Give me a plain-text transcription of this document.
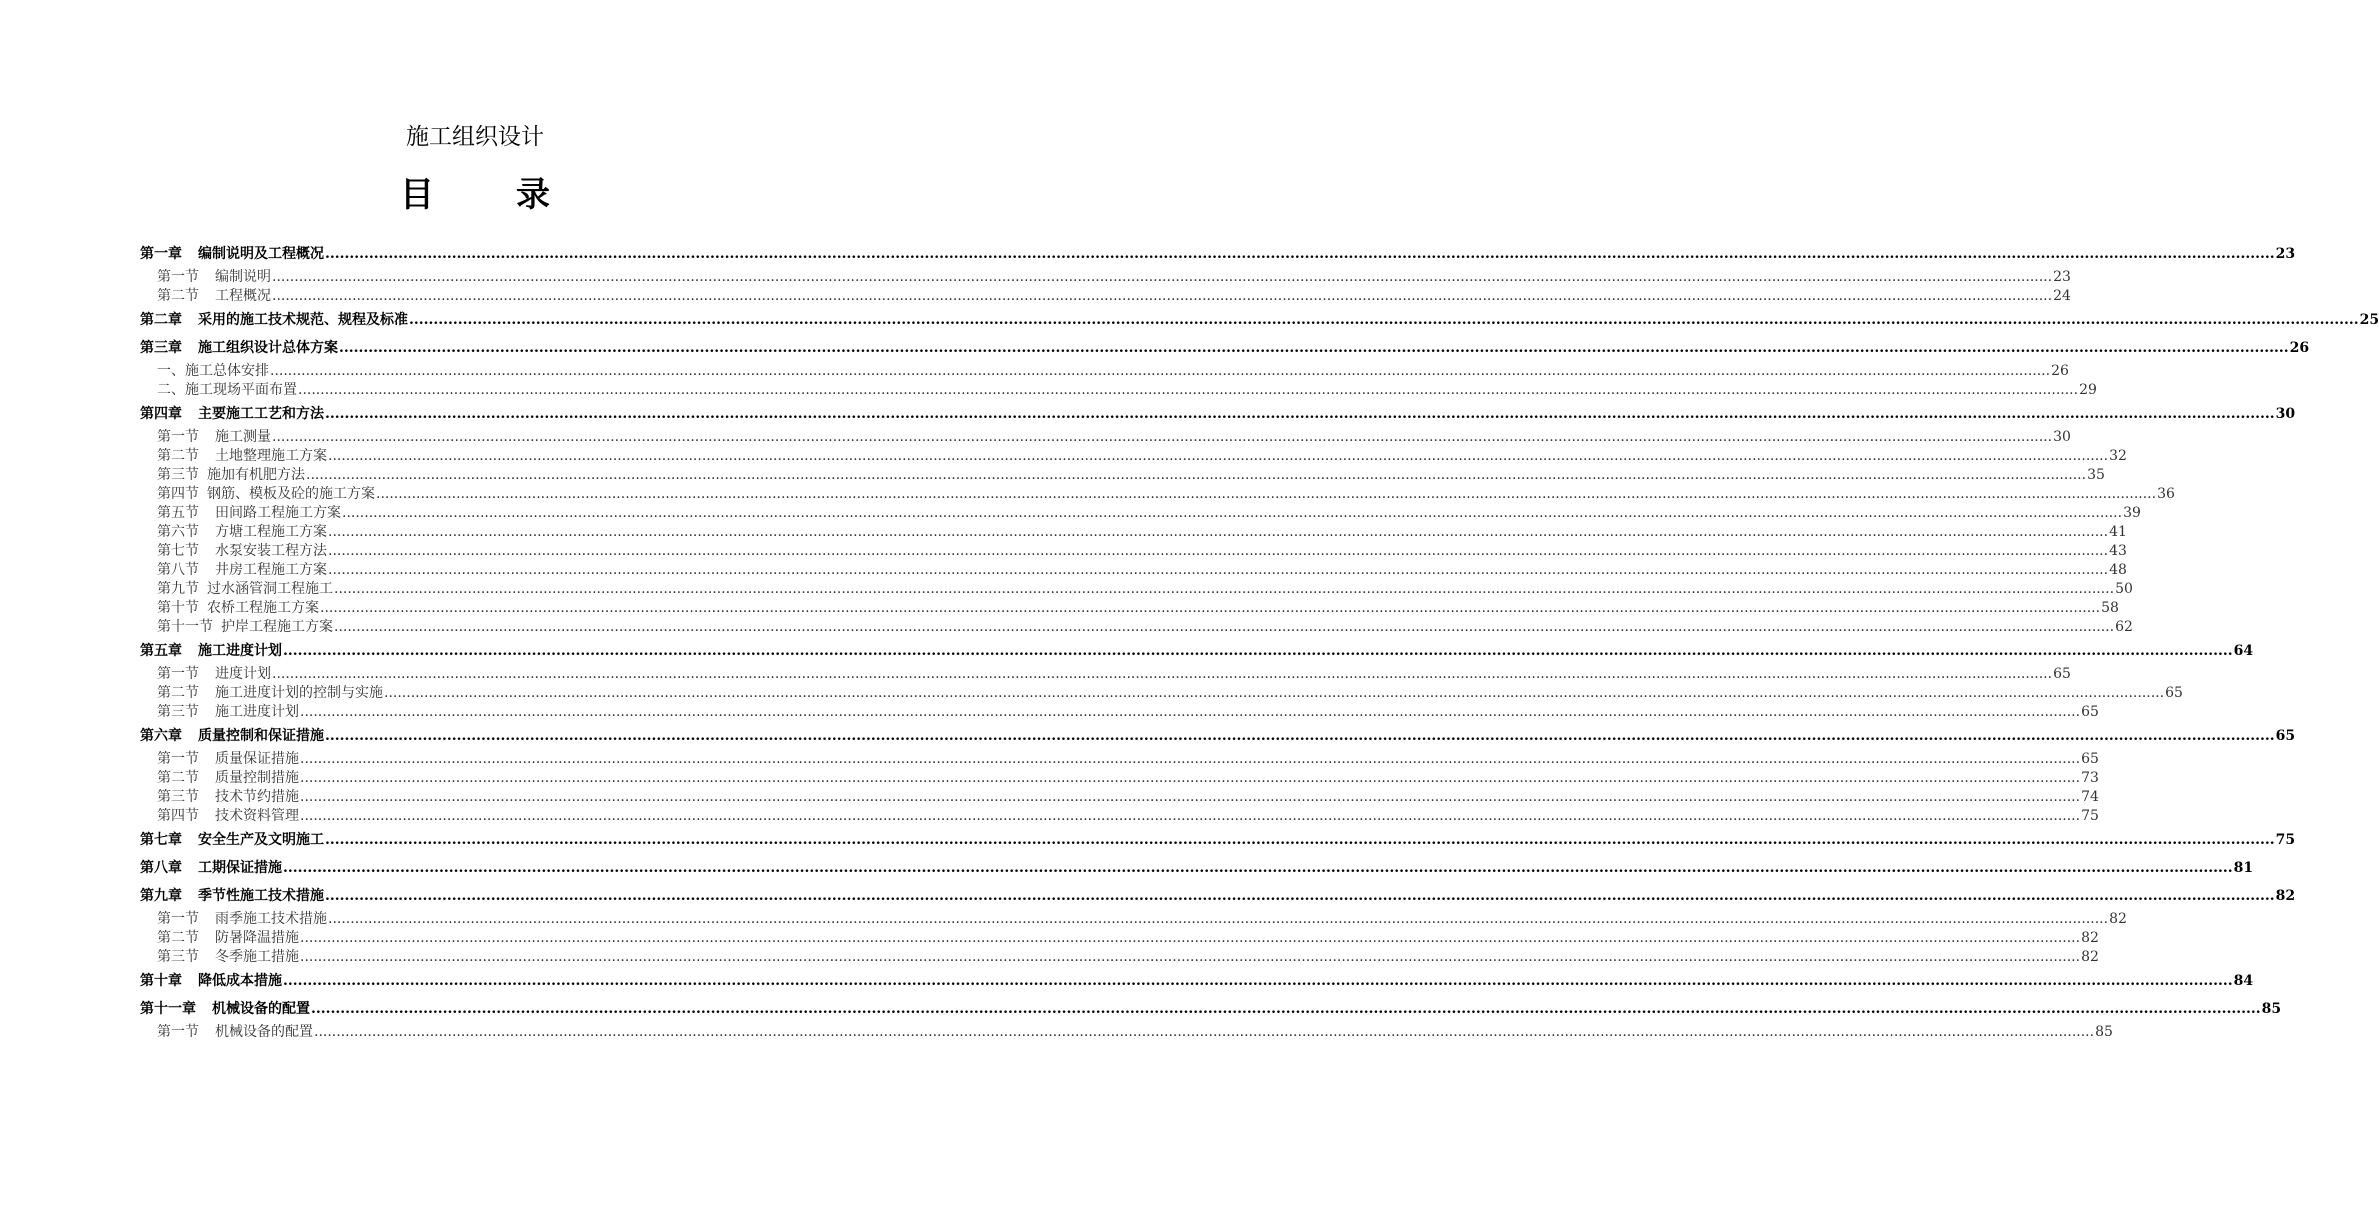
施工组织设计
目 录
第一章 编制说明及工程概况 ................................................................................................................................................................................................................................................................................................................................................................................................................ 23
第一节 编制说明 ................................................................................................................................................................................................................................................................................................................................................................................................................ 23
第二节 工程概况 ................................................................................................................................................................................................................................................................................................................................................................................................................ 24
第二章 采用的施工技术规范、规程及标准 ................................................................................................................................................................................................................................................................................................................................................................................................................ 25
第三章 施工组织设计总体方案 ................................................................................................................................................................................................................................................................................................................................................................................................................ 26
一、施工总体安排 ................................................................................................................................................................................................................................................................................................................................................................................................................ 26
二、施工现场平面布置 ................................................................................................................................................................................................................................................................................................................................................................................................................ 29
第四章 主要施工工艺和方法 ................................................................................................................................................................................................................................................................................................................................................................................................................ 30
第一节 施工测量 ................................................................................................................................................................................................................................................................................................................................................................................................................ 30
第二节 土地整理施工方案 ................................................................................................................................................................................................................................................................................................................................................................................................................ 32
第三节 施加有机肥方法 ................................................................................................................................................................................................................................................................................................................................................................................................................ 35
第四节 钢筋、模板及砼的施工方案 ................................................................................................................................................................................................................................................................................................................................................................................................................ 36
第五节 田间路工程施工方案 ................................................................................................................................................................................................................................................................................................................................................................................................................ 39
第六节 方塘工程施工方案 ................................................................................................................................................................................................................................................................................................................................................................................................................ 41
第七节 水泵安装工程方法 ................................................................................................................................................................................................................................................................................................................................................................................................................ 43
第八节 井房工程施工方案 ................................................................................................................................................................................................................................................................................................................................................................................................................ 48
第九节 过水涵管洞工程施工 ................................................................................................................................................................................................................................................................................................................................................................................................................ 50
第十节 农桥工程施工方案 ................................................................................................................................................................................................................................................................................................................................................................................................................ 58
第十一节 护岸工程施工方案 ................................................................................................................................................................................................................................................................................................................................................................................................................ 62
第五章 施工进度计划 ................................................................................................................................................................................................................................................................................................................................................................................................................ 64
第一节 进度计划 ................................................................................................................................................................................................................................................................................................................................................................................................................ 65
第二节 施工进度计划的控制与实施 ................................................................................................................................................................................................................................................................................................................................................................................................................ 65
第三节 施工进度计划 ................................................................................................................................................................................................................................................................................................................................................................................................................ 65
第六章 质量控制和保证措施 ................................................................................................................................................................................................................................................................................................................................................................................................................ 65
第一节 质量保证措施 ................................................................................................................................................................................................................................................................................................................................................................................................................ 65
第二节 质量控制措施 ................................................................................................................................................................................................................................................................................................................................................................................................................ 73
第三节 技术节约措施 ................................................................................................................................................................................................................................................................................................................................................................................................................ 74
第四节 技术资料管理 ................................................................................................................................................................................................................................................................................................................................................................................................................ 75
第七章 安全生产及文明施工 ................................................................................................................................................................................................................................................................................................................................................................................................................ 75
第八章 工期保证措施 ................................................................................................................................................................................................................................................................................................................................................................................................................ 81
第九章 季节性施工技术措施 ................................................................................................................................................................................................................................................................................................................................................................................................................ 82
第一节 雨季施工技术措施 ................................................................................................................................................................................................................................................................................................................................................................................................................ 82
第二节 防暑降温措施 ................................................................................................................................................................................................................................................................................................................................................................................................................ 82
第三节 冬季施工措施 ................................................................................................................................................................................................................................................................................................................................................................................................................ 82
第十章 降低成本措施 ................................................................................................................................................................................................................................................................................................................................................................................................................ 84
第十一章 机械设备的配置 ................................................................................................................................................................................................................................................................................................................................................................................................................ 85
第一节 机械设备的配置 ................................................................................................................................................................................................................................................................................................................................................................................................................ 85
